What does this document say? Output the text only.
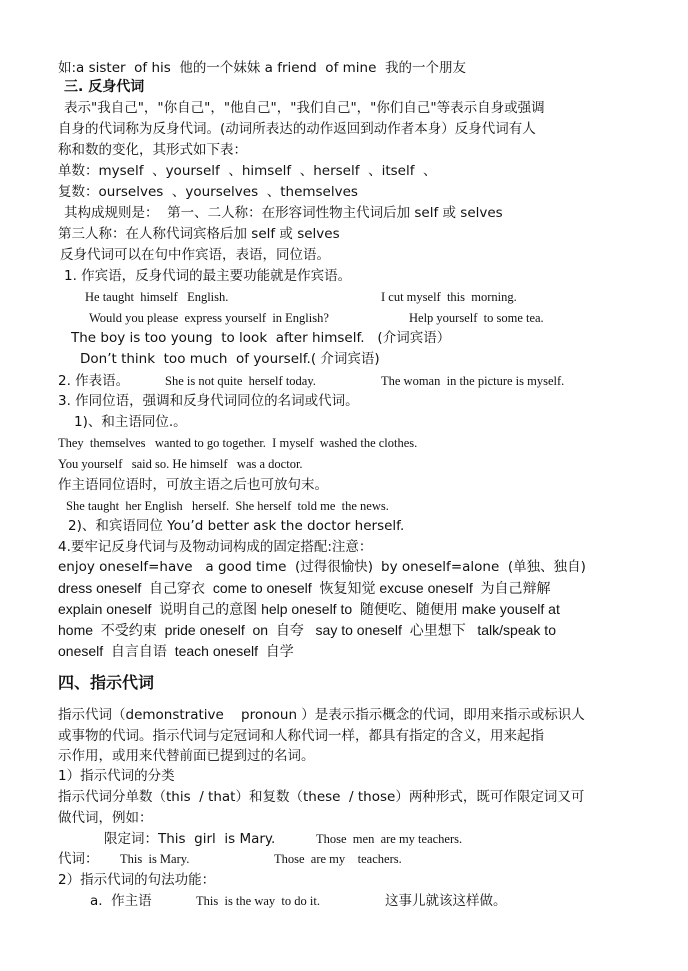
如:a sister  of his  他的一个妹妹 a friend  of mine  我的一个朋友
三. 反身代词
表示"我自己"，"你自己"，"他自己"，"我们自己"，"你们自己"等表示自身或强调
自身的代词称为反身代词。(动词所表达的动作返回到动作者本身）反身代词有人
称和数的变化，其形式如下表：
单数：myself  、yourself  、himself  、herself  、itself  、
复数：ourselves  、yourselves  、themselves
其构成规则是：  第一、二人称：在形容词性物主代词后加 self 或 selves
第三人称：在人称代词宾格后加 self 或 selves
反身代词可以在句中作宾语，表语，同位语。
1. 作宾语，反身代词的最主要功能就是作宾语。
He taught  himself   English.	I cut myself  this  morning.
Would you please  express yourself  in English?	Help yourself  to some tea.
The boy is too young  to look  after himself.   (介词宾语）
Don’t think  too much  of yourself.( 介词宾语)
2. 作表语。	She is not quite  herself today.	The woman  in the picture is myself.
3. 作同位语，强调和反身代词同位的名词或代词。
1)、和主语同位.。
They  themselves   wanted to go together.  I myself  washed the clothes.
You yourself   said so. He himself   was a doctor.
作主语同位语时，可放主语之后也可放句末。
She taught  her English   herself.  She herself  told me  the news.
2)、和宾语同位 You’d better ask the doctor herself.
4.要牢记反身代词与及物动词构成的固定搭配:注意：
enjoy oneself=have   a good time  (过得很愉快) by oneself=alone  (单独、独自)
dress oneself  自己穿衣  come to oneself  恢复知觉 excuse oneself  为自己辩解
explain oneself  说明自己的意图 help oneself to  随便吃、随便用 make youself at
home  不受约束  pride oneself  on  自夸   say to oneself  心里想下   talk/speak to
oneself  自言自语  teach oneself  自学
四、指示代词
指示代词（demonstrative    pronoun ）是表示指示概念的代词，即用来指示或标识人
或事物的代词。指示代词与定冠词和人称代词一样，都具有指定的含义，用来起指
示作用，或用来代替前面已提到过的名词。
1）指示代词的分类
指示代词分单数（this  / that）和复数（these  / those）两种形式，既可作限定词又可
做代词，例如：
限定词：This  girl  is Mary.	Those  men  are my teachers.
代词： This  is Mary.	Those  are my    teachers.
2）指示代词的句法功能：
a.  作主语	This  is the way  to do it.	这事儿就该这样做。
